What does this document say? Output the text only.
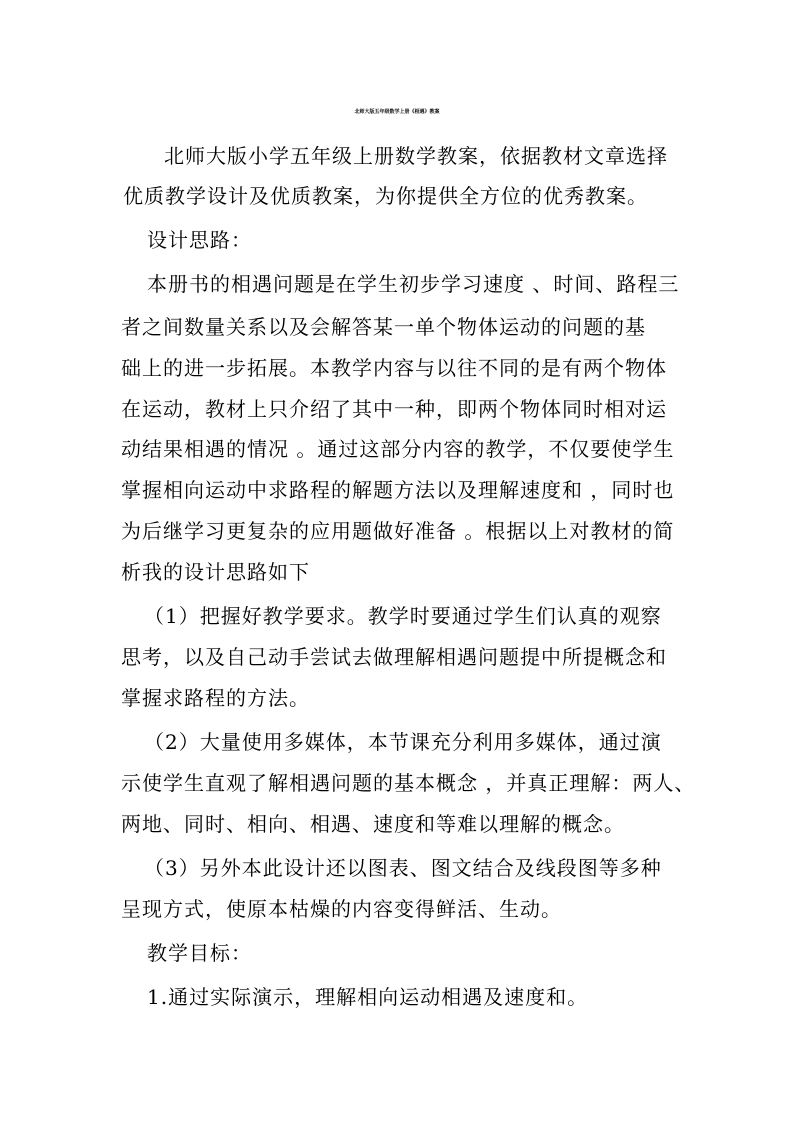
北师大版五年级数学上册《相遇》教案
北师大版小学五年级上册数学教案，依据教材文章选择
优质教学设计及优质教案，为你提供全方位的优秀教案。
设计思路：
本册书的相遇问题是在学生初步学习速度 、时间、路程三
者之间数量关系以及会解答某一单个物体运动的问题的基
础上的进一步拓展。本教学内容与以往不同的是有两个物体
在运动，教材上只介绍了其中一种，即两个物体同时相对运
动结果相遇的情况 。通过这部分内容的教学，不仅要使学生
掌握相向运动中求路程的解题方法以及理解速度和 ，同时也
为后继学习更复杂的应用题做好准备 。根据以上对教材的简
析我的设计思路如下
（1）把握好教学要求。教学时要通过学生们认真的观察
思考，以及自己动手尝试去做理解相遇问题提中所提概念和
掌握求路程的方法。
（2）大量使用多媒体，本节课充分利用多媒体，通过演
示使学生直观了解相遇问题的基本概念 ，并真正理解：两人、
两地、同时、相向、相遇、速度和等难以理解的概念。
（3）另外本此设计还以图表、图文结合及线段图等多种
呈现方式，使原本枯燥的内容变得鲜活、生动。
教学目标：
1.通过实际演示，理解相向运动相遇及速度和。
